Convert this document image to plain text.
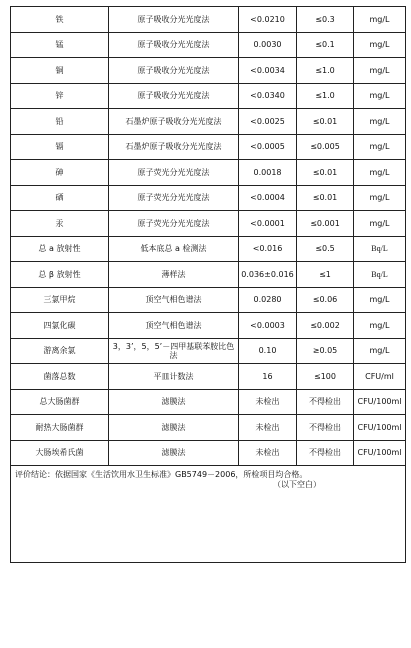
铁	原子吸收分光光度法	<0.0210	≤0.3	mg/L
锰	原子吸收分光光度法	0.0030	≤0.1	mg/L
铜	原子吸收分光光度法	<0.0034	≤1.0	mg/L
锌	原子吸收分光光度法	<0.0340	≤1.0	mg/L
铅	石墨炉原子吸收分光光度法	<0.0025	≤0.01	mg/L
镉	石墨炉原子吸收分光光度法	<0.0005	≤0.005	mg/L
砷	原子荧光分光光度法	0.0018	≤0.01	mg/L
硒	原子荧光分光光度法	<0.0004	≤0.01	mg/L
汞	原子荧光分光光度法	<0.0001	≤0.001	mg/L
总 a 放射性	低本底总 a 检测法	<0.016	≤0.5	Bq/L
总 β 放射性	薄样法	0.036±0.016	≤1	Bq/L
三氯甲烷	顶空气相色谱法	0.0280	≤0.06	mg/L
四氯化碳	顶空气相色谱法	<0.0003	≤0.002	mg/L
游离余氯	3，3’，5，5’－四甲基联苯胺比色法	0.10	≥0.05	mg/L
菌落总数	平皿计数法	16	≤100	CFU/ml
总大肠菌群	滤膜法	未检出	不得检出	CFU/100ml
耐热大肠菌群	滤膜法	未检出	不得检出	CFU/100ml
大肠埃希氏菌	滤膜法	未检出	不得检出	CFU/100ml

评价结论：依据国家《生活饮用水卫生标准》GB5749－2006，所检项目均合格。
（以下空白）				
